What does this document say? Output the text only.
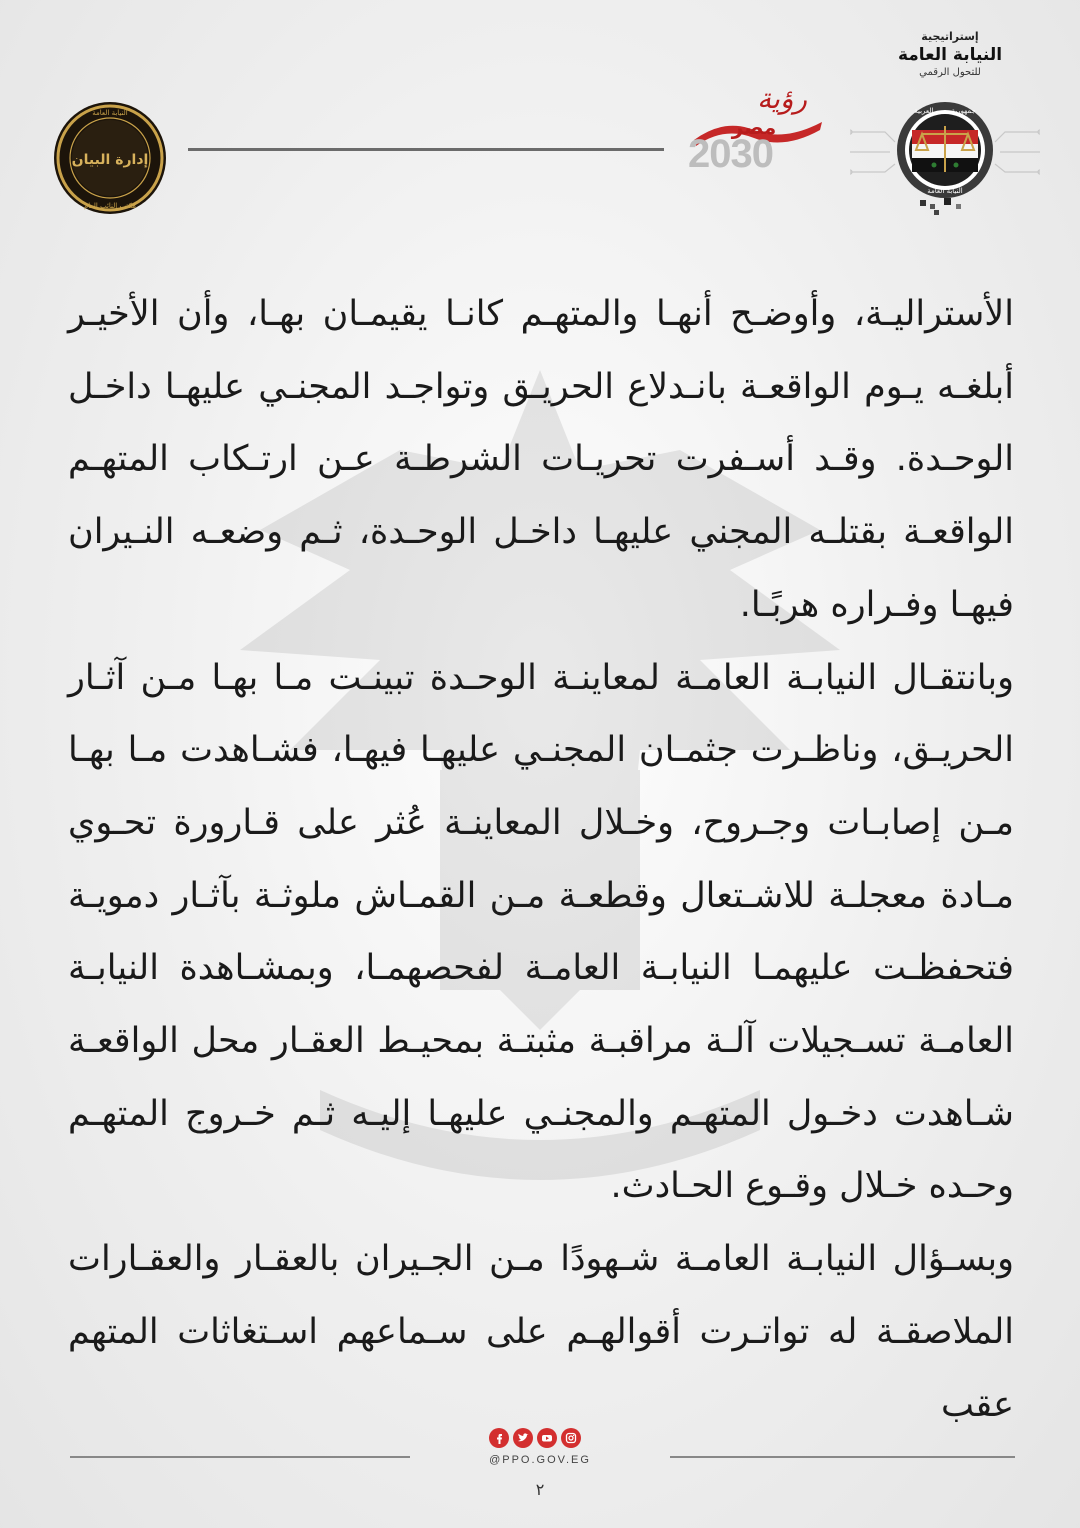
إستراتيجية
النيابة العامة
للتحول الرقمي
جمهورية مصر العربية
النيابة العامة
رؤية
مصر
2030
إدارة البيان
النيابة العامة
مكتب النائب العام

الأستراليـة، وأوضـح أنهـا والمتهـم كانـا يقيمـان بهـا، وأن الأخيـر أبلغـه يـوم الواقعـة بانـدلاع الحريـق وتواجـد المجنـي عليهـا داخـل الوحـدة. وقـد أسـفرت تحريـات الشرطـة عـن ارتـكاب المتهـم الواقعـة بقتلـه المجني عليهـا داخـل الوحـدة، ثـم وضعـه النـيران فيهـا وفـراره هربًـا.

وبانتقـال النيابـة العامـة لمعاينـة الوحـدة تبينـت مـا بهـا مـن آثـار الحريـق، وناظـرت جثمـان المجنـي عليهـا فيهـا، فشـاهدت مـا بهـا مـن إصابـات وجـروح، وخـلال المعاينـة عُثر على قـارورة تحـوي مـادة معجلـة للاشـتعال وقطعـة مـن القمـاش ملوثـة بآثـار دمويـة فتحفظـت عليهمـا النيابـة العامـة لفحصهمـا، وبمشـاهدة النيابـة العامـة تسـجيلات آلـة مراقبـة مثبتـة بمحيـط العقـار محل الواقعـة شـاهدت دخـول المتهـم والمجنـي عليهـا إليـه ثـم خـروج المتهـم وحـده خـلال وقـوع الحـادث.

وبسـؤال النيابـة العامـة شـهودًا مـن الجـيران بالعقـار والعقـارات الملاصقـة له تواتـرت أقوالهـم على سـماعهم اسـتغاثات المتهم عقب

@PPO.GOV.EG
٢
